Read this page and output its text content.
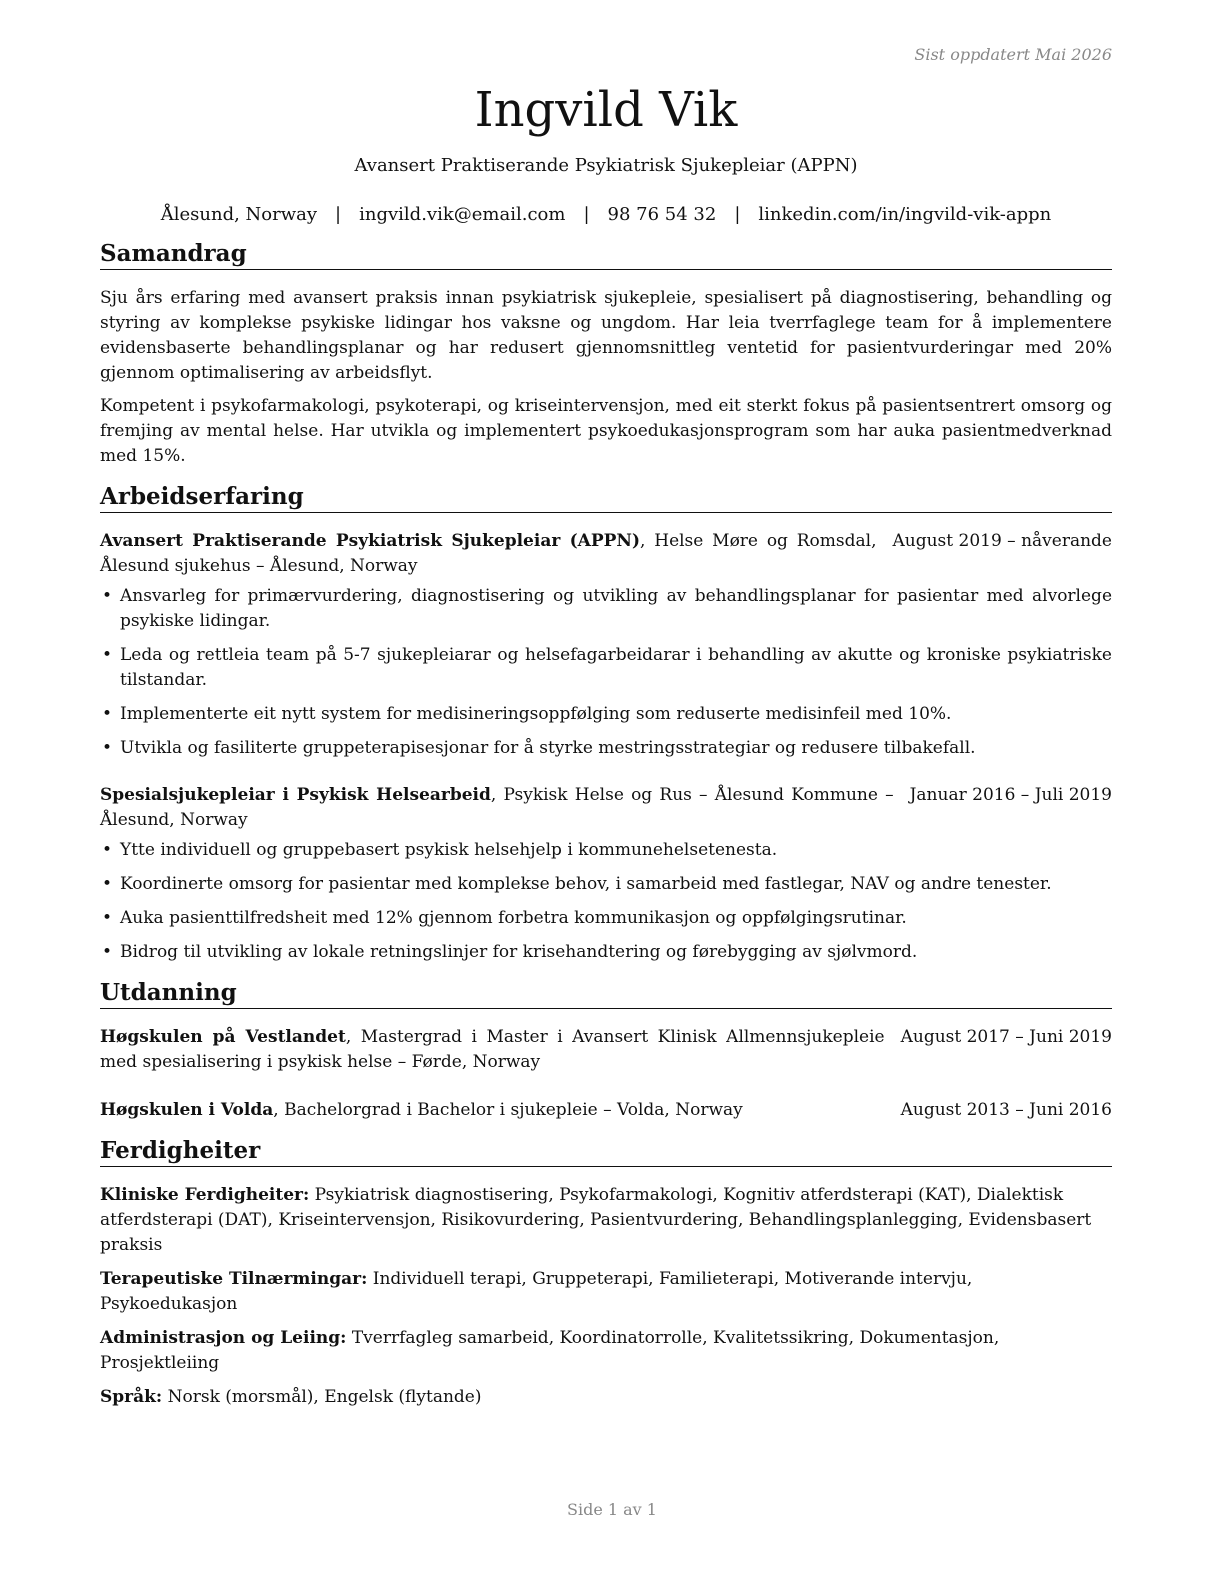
Sist oppdatert Mai 2026
Ingvild Vik
Avansert Praktiserande Psykiatrisk Sjukepleiar (APPN)
Ålesund, Norway | ingvild.vik@email.com | 98 76 54 32 | linkedin.com/in/ingvild-vik-appn
Samandrag

Sju års erfaring med avansert praksis innan psykiatrisk sjukepleie, spesialisert på diagnostisering, behandling og styring av komplekse psykiske lidingar hos vaksne og ungdom. Har leia tverrfaglege team for å implementere evidensbaserte behandlingsplanar og har redusert gjennomsnittleg ventetid for pasientvurderingar med 20% gjennom optimalisering av arbeidsflyt.

Kompetent i psykofarmakologi, psykoterapi, og kriseintervensjon, med eit sterkt fokus på pasientsentrert omsorg og fremjing av mental helse. Har utvikla og implementert psykoedukasjonsprogram som har auka pasientmedverknad med 15%.

Arbeidserfaring
Avansert Praktiserande Psykiatrisk Sjukepleiar (APPN), Helse Møre og Romsdal, Ålesund sjukehus – Ålesund, Norway
August 2019 – nåverande
• Ansvarleg for primærvurdering, diagnostisering og utvikling av behandlingsplanar for pasientar med alvorlege psykiske lidingar.
• Leda og rettleia team på 5-7 sjukepleiarar og helsefagarbeidarar i behandling av akutte og kroniske psykiatriske tilstandar.
• Implementerte eit nytt system for medisineringsoppfølging som reduserte medisinfeil med 10%.
• Utvikla og fasiliterte gruppeterapisesjonar for å styrke mestringsstrategiar og redusere tilbakefall.
Spesialsjukepleiar i Psykisk Helsearbeid, Psykisk Helse og Rus – Ålesund Kommune – Ålesund, Norway
Januar 2016 – Juli 2019
• Ytte individuell og gruppebasert psykisk helsehjelp i kommunehelsetenesta.
• Koordinerte omsorg for pasientar med komplekse behov, i samarbeid med fastlegar, NAV og andre tenester.
• Auka pasienttilfredsheit med 12% gjennom forbetra kommunikasjon og oppfølgingsrutinar.
• Bidrog til utvikling av lokale retningslinjer for krisehandtering og førebygging av sjølvmord.
Utdanning
Høgskulen på Vestlandet, Mastergrad i Master i Avansert Klinisk Allmennsjukepleie med spesialisering i psykisk helse – Førde, Norway
August 2017 – Juni 2019
Høgskulen i Volda, Bachelorgrad i Bachelor i sjukepleie – Volda, Norway	August 2013 – Juni 2016
Ferdigheiter
Kliniske Ferdigheiter: Psykiatrisk diagnostisering, Psykofarmakologi, Kognitiv atferdsterapi (KAT), Dialektisk atferdsterapi (DAT), Kriseintervensjon, Risikovurdering, Pasientvurdering, Behandlingsplanlegging, Evidensbasert praksis
Terapeutiske Tilnærmingar: Individuell terapi, Gruppeterapi, Familieterapi, Motiverande intervju, Psykoedukasjon
Administrasjon og Leiing: Tverrfagleg samarbeid, Koordinatorrolle, Kvalitetssikring, Dokumentasjon, Prosjektleiing
Språk: Norsk (morsmål), Engelsk (flytande)
Side 1 av 1
